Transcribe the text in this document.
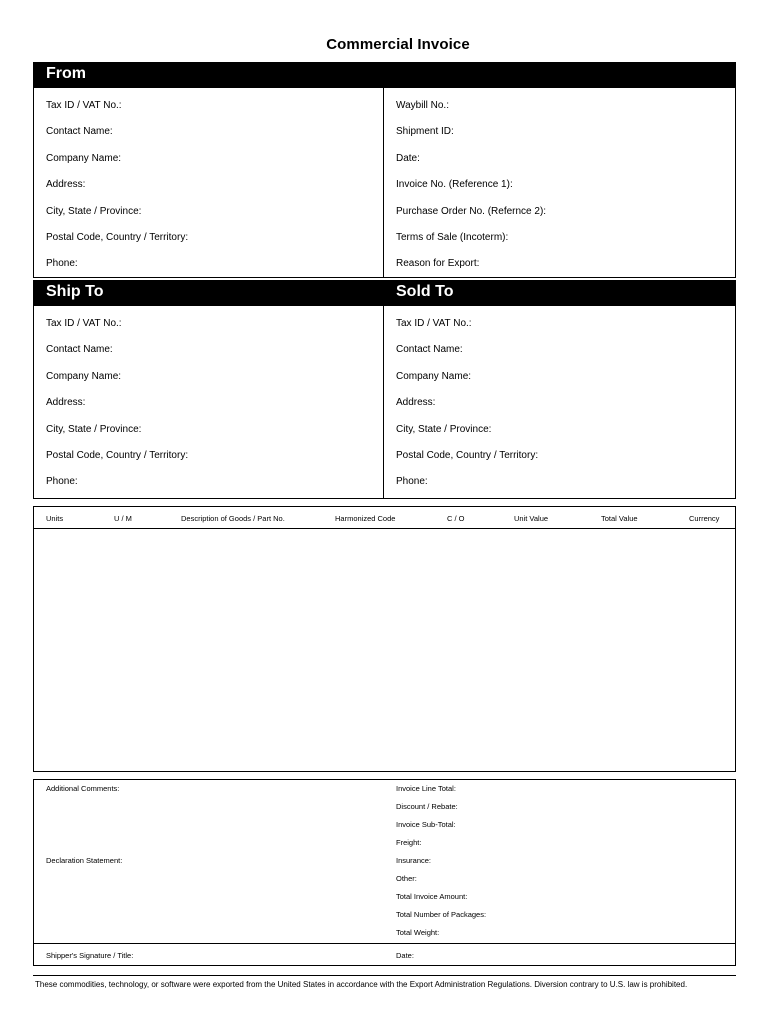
Commercial Invoice
From
Tax ID / VAT No.:
Contact Name:
Company Name:
Address:
City, State / Province:
Postal Code, Country / Territory:
Phone:
Waybill No.:
Shipment ID:
Date:
Invoice No. (Reference 1):
Purchase Order No. (Refernce 2):
Terms of Sale (Incoterm):
Reason for Export:
Ship To	Sold To
Tax ID / VAT No.:
Contact Name:
Company Name:
Address:
City, State / Province:
Postal Code, Country / Territory:
Phone:
Tax ID / VAT No.:
Contact Name:
Company Name:
Address:
City, State / Province:
Postal Code, Country / Territory:
Phone:
Units	U / M	Description of Goods / Part No.	Harmonized Code	C / O	Unit Value	Total Value	Currency
Additional Comments:
Declaration Statement:
Invoice Line Total:
Discount / Rebate:
Invoice Sub-Total:
Freight:
Insurance:
Other:
Total Invoice Amount:
Total Number of Packages:
Total Weight:
Shipper's Signature / Title:	Date:
These commodities, technology, or software were exported from the United States in accordance with the Export Administration Regulations. Diversion contrary to U.S. law is prohibited.
